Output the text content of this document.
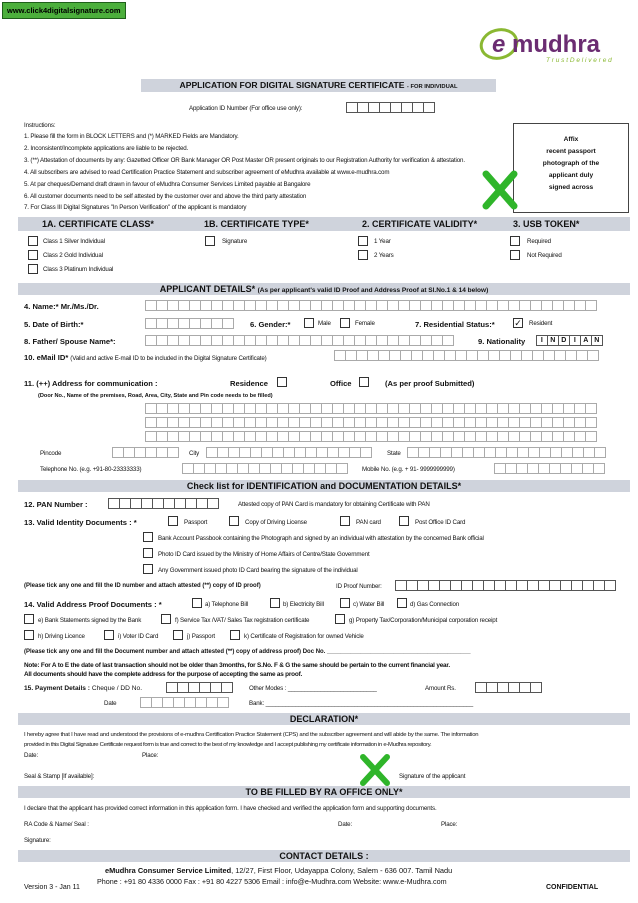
www.click4digitalsignature.com
e mudhra
T r u s t D e l i v e r e d
APPLICATION FOR DIGITAL SIGNATURE CERTIFICATE - FOR INDIVIDUAL
Application ID Number (For office use only):
Instructions:
1. Please fill the form in BLOCK LETTERS and (*) MARKED Fields are Mandatory.
2. Inconsistent/Incomplete applications are liable to be rejected.
3. (**) Attestation of documents by any: Gazetted Officer OR Bank Manager OR Post Master OR present originals to our Registration Authority for verification & attestation.
4. All subscribers are advised to read Certification Practice Statement and subscriber agreement of eMudhra available at www.e-mudhra.com
5. At par cheques/Demand draft drawn in favour of eMudhra Consumer Services Limited payable at Bangalore
6. All customer documents need to be self attested by the customer over and above the third party attestation
7. For Class III Digital Signatures "In Person Verification" of the applicant is mandatory
Affix
recent passport
photograph of the
applicant duly
signed across
1A. CERTIFICATE CLASS*	1B. CERTIFICATE TYPE*	2. CERTIFICATE VALIDITY*	3. USB TOKEN*
Class 1 Silver Individual
Class 2 Gold Individual
Class 3 Platinum Individual
Signature	1 Year
2 Years
Required
Not Required
APPLICANT DETAILS* (As per applicant's valid ID Proof and Address Proof at Sl.No.1 & 14 below)
4. Name:* Mr./Ms./Dr.
5. Date of Birth:*	6. Gender:*	Male	Female	7. Residential Status:* ✓ Resident
8. Father/ Spouse Name*:	9. Nationality	I	N D	I	A N
10. eMail ID* (Valid and active E-mail ID to be included in the Digital Signature Certificate)
11. (++) Address for communication :	Residence	Office	(As per proof Submitted)
(Door No., Name of the premises, Road, Area, City, State and Pin code needs to be filled)
Pincode	City	State
Telephone No. (e.g. +91-80-23333333)	Mobile No. (e.g. + 91- 9999999999)
Check list for IDENTIFICATION and DOCUMENTATION DETAILS*
12. PAN Number :	Attested copy of PAN Card is mandatory for obtaining Certificate with PAN
13. Valid Identity Documents : *	Passport	Copy of Driving License	PAN card	Post Office ID Card
Bank Account Passbook containing the Photograph and signed by an individual with attestation by the concerned Bank official
Photo ID Card issued by the Ministry of Home Affairs of Centre/State Government
Any Government issued photo ID Card bearing the signature of the individual
(Please tick any one and fill the ID number and attach attested (**) copy of ID proof)	ID Proof Number:
14. Valid Address Proof Documents : *	a) Telephone Bill	b) Electricity Bill	c) Water Bill	d) Gas Connection
e) Bank Statements signed by the Bank	f) Service Tax /VAT/ Sales Tax registration certificate	g) Property Tax/Corporation/Municipal corporation receipt
h) Driving Licence	i) Voter ID Card	j) Passport	k) Certificate of Registration for owned Vehicle
(Please tick any one and fill the Document number and attach attested (**) copy of address proof) Doc No. ___________________________________________
Note: For A to E the date of last transaction should not be older than 3months, for S.No. F & G the same should be pertain to the current financial year.
All documents should have the complete address for the purpose of accepting the same as proof.
15. Payment Details : Cheque / DD No.	Other Modes : ___________________________	Amount Rs.
Date	Bank: _______________________________________________________________
DECLARATION*
I hereby agree that I have read and understood the provisions of e-mudhra Certification Practice Statement (CPS) and the subscriber agreement and will abide by the same. The information
provided in this Digital Signature Certificate request form is true and correct to the best of my knowledge and I accept publishing my certificate information in e-Mudhra repository.
Date:	Place:
Seal & Stamp [If available]:	Signature of the applicant
TO BE FILLED BY RA OFFICE ONLY*
I declare that the applicant has provided correct information in this application form. I have checked and verified the application form and supporting documents.
RA Code & Name/ Seal :	Date:	Place:
Signature:
CONTACT DETAILS :
eMudhra Consumer Service Limited, 12/27, First Floor, Udayappa Colony, Salem - 636 007. Tamil Nadu
Phone : +91 80 4336 0000 Fax : +91 80 4227 5306 Email : info@e-Mudhra.com Website: www.e-Mudhra.com
Version 3 - Jan 11	CONFIDENTIAL
